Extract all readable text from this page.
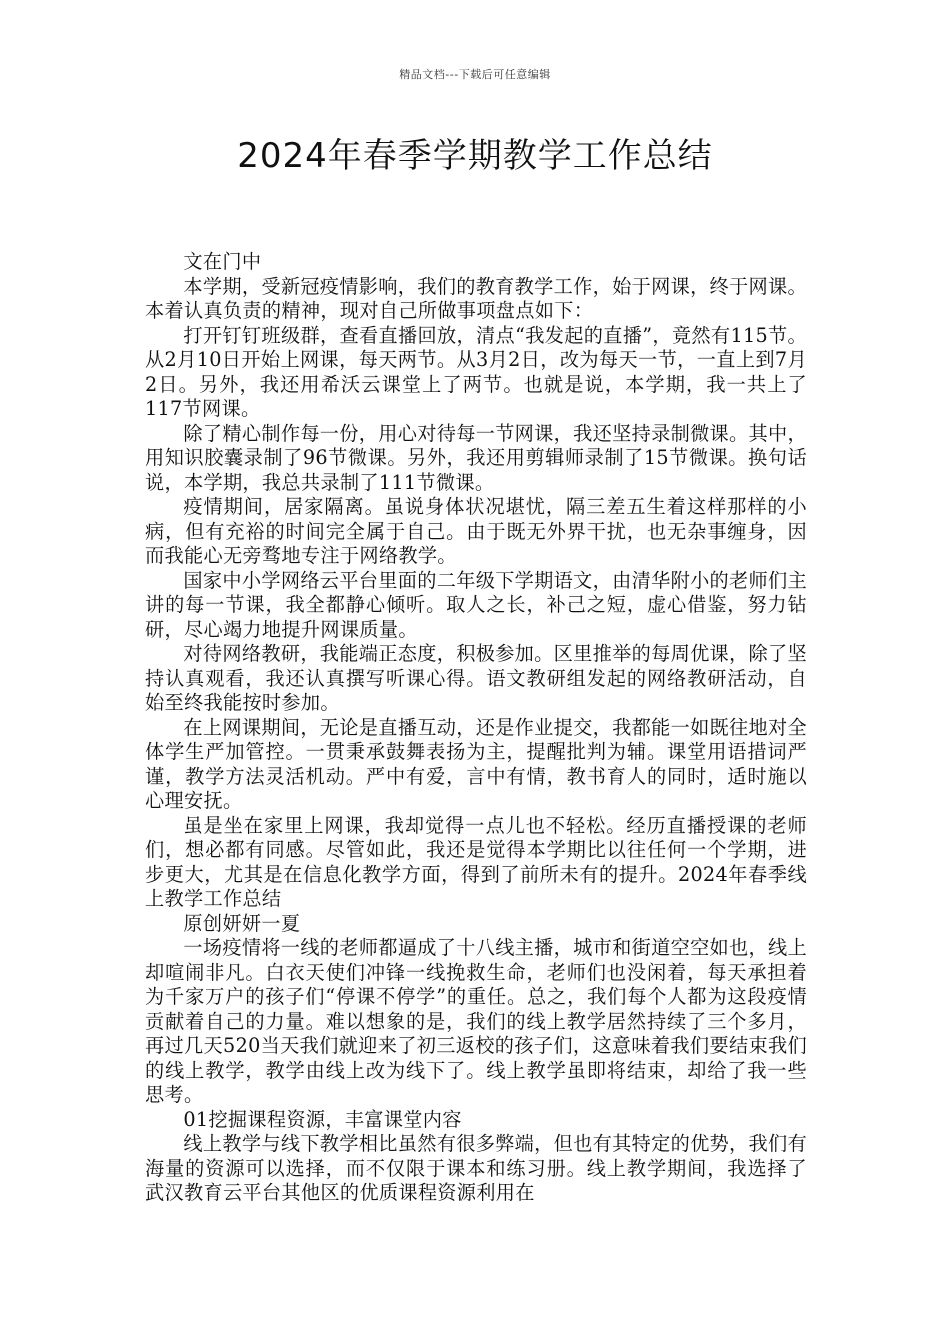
精品文档---下载后可任意编辑
2024年春季学期教学工作总结

文在门中

本学期，受新冠疫情影响，我们的教育教学工作，始于网课，终于网课。本着认真负责的精神，现对自己所做事项盘点如下：

打开钉钉班级群，查看直播回放，清点“我发起的直播”，竟然有115节。从2月10日开始上网课，每天两节。从3月2日，改为每天一节，一直上到7月2日。另外，我还用希沃云课堂上了两节。也就是说，本学期，我一共上了117节网课。

除了精心制作每一份，用心对待每一节网课，我还坚持录制微课。其中，用知识胶囊录制了96节微课。另外，我还用剪辑师录制了15节微课。换句话说，本学期，我总共录制了111节微课。

疫情期间，居家隔离。虽说身体状况堪忧，隔三差五生着这样那样的小病，但有充裕的时间完全属于自己。由于既无外界干扰，也无杂事缠身，因而我能心无旁骛地专注于网络教学。

国家中小学网络云平台里面的二年级下学期语文，由清华附小的老师们主讲的每一节课，我全都静心倾听。取人之长，补己之短，虚心借鉴，努力钻研，尽心竭力地提升网课质量。

对待网络教研，我能端正态度，积极参加。区里推举的每周优课，除了坚持认真观看，我还认真撰写听课心得。语文教研组发起的网络教研活动，自始至终我能按时参加。

在上网课期间，无论是直播互动，还是作业提交，我都能一如既往地对全体学生严加管控。一贯秉承鼓舞表扬为主，提醒批判为辅。课堂用语措词严谨，教学方法灵活机动。严中有爱，言中有情，教书育人的同时，适时施以心理安抚。

虽是坐在家里上网课，我却觉得一点儿也不轻松。经历直播授课的老师们，想必都有同感。尽管如此，我还是觉得本学期比以往任何一个学期，进步更大，尤其是在信息化教学方面，得到了前所未有的提升。2024年春季线上教学工作总结

原创妍妍一夏

一场疫情将一线的老师都逼成了十八线主播，城市和街道空空如也，线上却喧闹非凡。白衣天使们冲锋一线挽救生命，老师们也没闲着，每天承担着为千家万户的孩子们“停课不停学”的重任。总之，我们每个人都为这段疫情贡献着自己的力量。难以想象的是，我们的线上教学居然持续了三个多月，再过几天520当天我们就迎来了初三返校的孩子们，这意味着我们要结束我们的线上教学，教学由线上改为线下了。线上教学虽即将结束，却给了我一些思考。

01挖掘课程资源，丰富课堂内容

线上教学与线下教学相比虽然有很多弊端，但也有其特定的优势，我们有海量的资源可以选择，而不仅限于课本和练习册。线上教学期间，我选择了武汉教育云平台其他区的优质课程资源利用在
